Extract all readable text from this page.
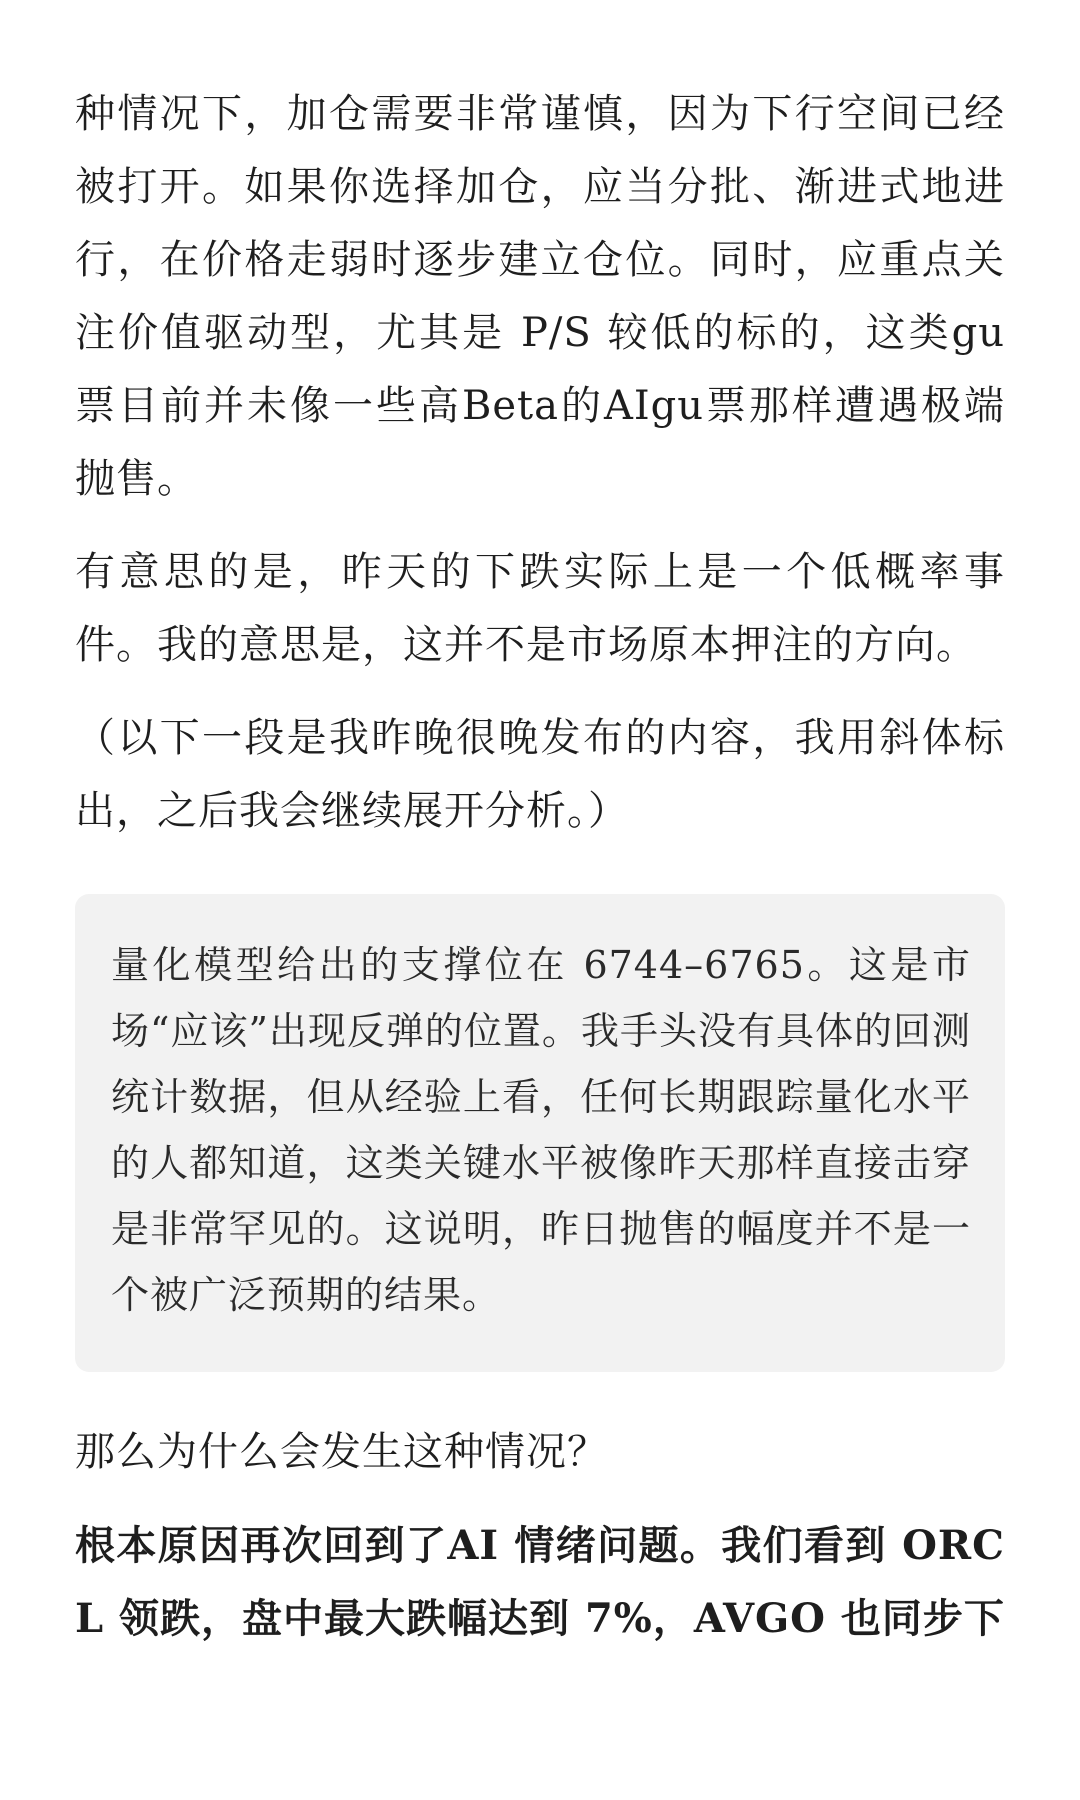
种情况下，加仓需要非常谨慎，因为下行空间已经被打开。如果你选择加仓，应当分批、渐进式地进行，在价格走弱时逐步建立仓位。同时，应重点关注价值驱动型，尤其是 P/S 较低的标的，这类gu票目前并未像一些高Beta的AIgu票那样遭遇极端抛售。

有意思的是，昨天的下跌实际上是一个低概率事件。我的意思是，这并不是市场原本押注的方向。

（以下一段是我昨晚很晚发布的内容，我用斜体标出，之后我会继续展开分析。）

量化模型给出的支撑位在 6744–6765。这是市场“应该”出现反弹的位置。我手头没有具体的回测统计数据，但从经验上看，任何长期跟踪量化水平的人都知道，这类关键水平被像昨天那样直接击穿是非常罕见的。这说明，昨日抛售的幅度并不是一个被广泛预期的结果。

那么为什么会发生这种情况？

根本原因再次回到了AI 情绪问题。我们看到 ORCL 领跌，盘中最大跌幅达到 7%，AVGO 也同步下
